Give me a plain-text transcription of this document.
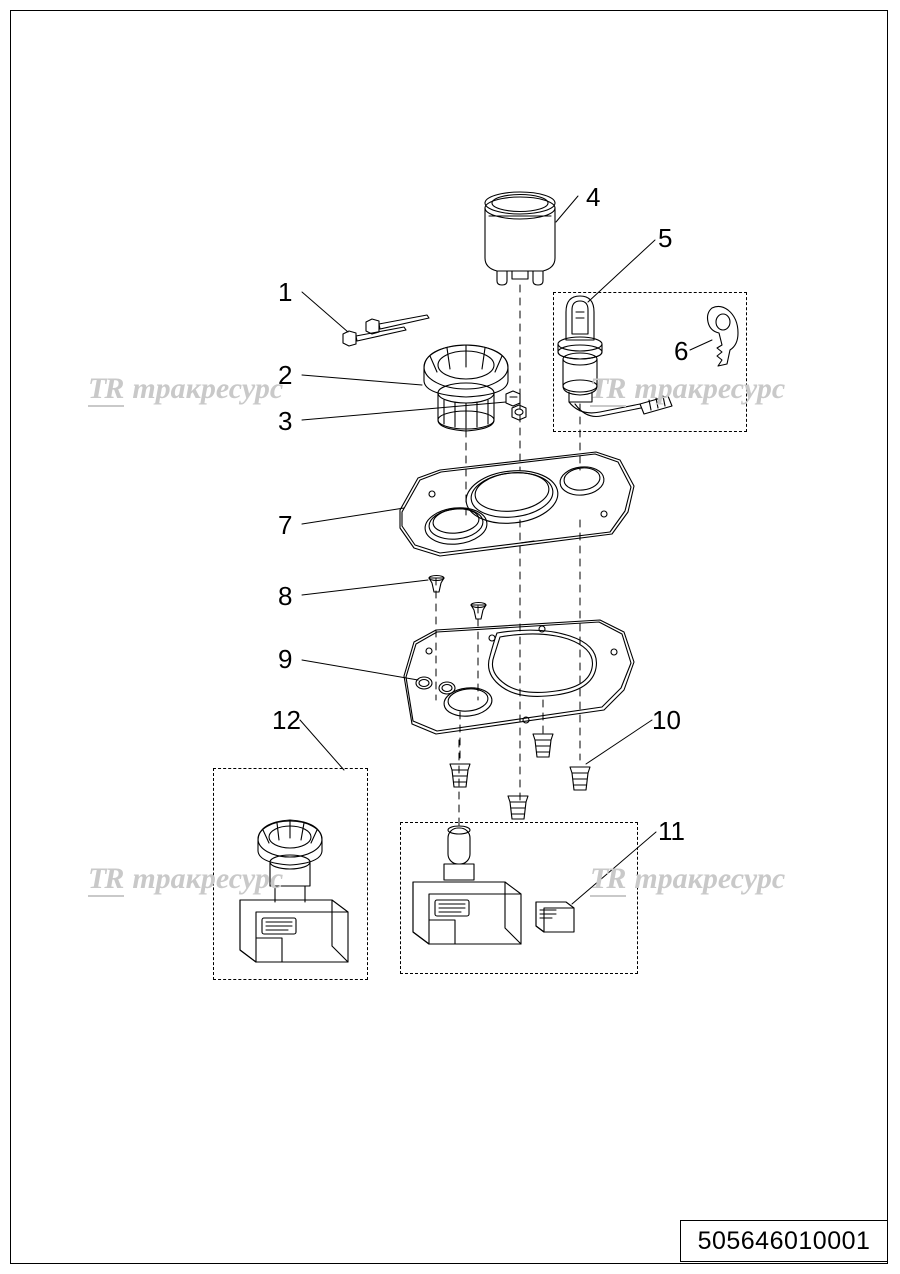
1
2
3
4
5
6
7
8
9
10
11
12
TR тракресурс	TR тракресурс
TR тракресурс	TR тракресурс
505646010001
